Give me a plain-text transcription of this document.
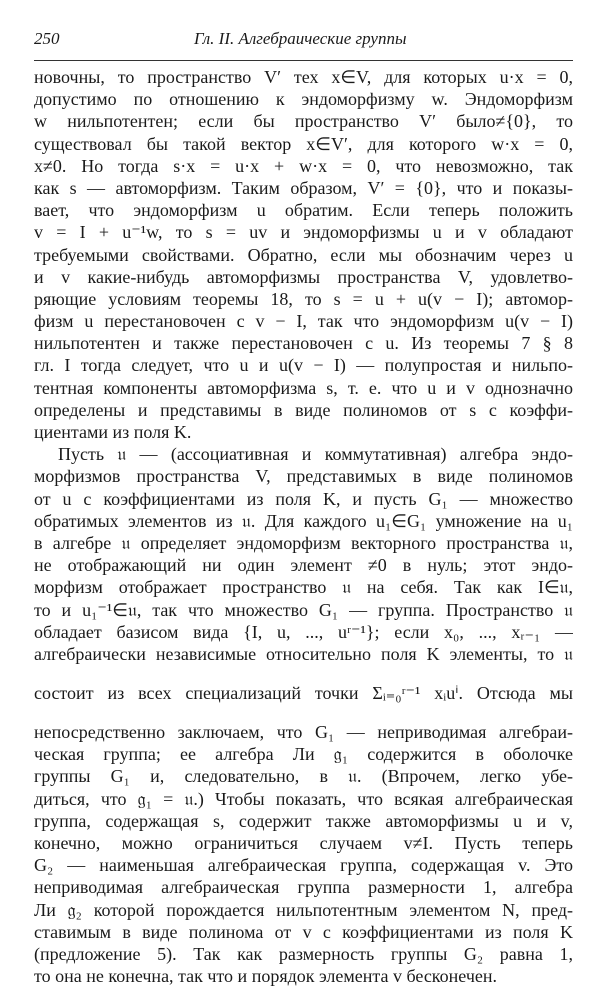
250	Гл. II. Алгебраические группы
новочны, то пространство V′ тех x∈V, для которых u·x = 0,
допустимо по отношению к эндоморфизму w. Эндоморфизм
w нильпотентен; если бы пространство V′ было≠{0}, то
существовал бы такой вектор x∈V′, для которого w·x = 0,
x≠0. Но тогда s·x = u·x + w·x = 0, что невозможно, так
как s — автоморфизм. Таким образом, V′ = {0}, что и показы-
вает, что эндоморфизм u обратим. Если теперь положить
v = I + u⁻¹w, то s = uv и эндоморфизмы u и v обладают
требуемыми свойствами. Обратно, если мы обозначим через u
и v какие-нибудь автоморфизмы пространства V, удовлетво-
ряющие условиям теоремы 18, то s = u + u(v − I); автомор-
физм u перестановочен с v − I, так что эндоморфизм u(v − I)
нильпотентен и также перестановочен с u. Из теоремы 7 § 8
гл. I тогда следует, что u и u(v − I) — полупростая и нильпо-
тентная компоненты автоморфизма s, т. е. что u и v однозначно
определены и представимы в виде полиномов от s с коэффи-
циентами из поля K.
Пусть 𝔲 — (ассоциативная и коммутативная) алгебра эндо-
морфизмов пространства V, представимых в виде полиномов
от u с коэффициентами из поля K, и пусть G₁ — множество
обратимых элементов из 𝔲. Для каждого u₁∈G₁ умножение на u₁
в алгебре 𝔲 определяет эндоморфизм векторного пространства 𝔲,
не отображающий ни один элемент ≠0 в нуль; этот эндо-
морфизм отображает пространство 𝔲 на себя. Так как I∈𝔲,
то и u₁⁻¹∈𝔲, так что множество G₁ — группа. Пространство 𝔲
обладает базисом вида {I, u, ..., uʳ⁻¹}; если x₀, ..., xᵣ₋₁ —
алгебраически независимые относительно поля K элементы, то 𝔲
состоит из всех специализаций точки Σᵢ₌₀ʳ⁻¹ xᵢuⁱ. Отсюда мы
непосредственно заключаем, что G₁ — неприводимая алгебраи-
ческая группа; ее алгебра Ли 𝔤₁ содержится в оболочке
группы G₁ и, следовательно, в 𝔲. (Впрочем, легко убе-
диться, что 𝔤₁ = 𝔲.) Чтобы показать, что всякая алгебраическая
группа, содержащая s, содержит также автоморфизмы u и v,
конечно, можно ограничиться случаем v≠I. Пусть теперь
G₂ — наименьшая алгебраическая группа, содержащая v. Это
неприводимая алгебраическая группа размерности 1, алгебра
Ли 𝔤₂ которой порождается нильпотентным элементом N, пред-
ставимым в виде полинома от v с коэффициентами из поля K
(предложение 5). Так как размерность группы G₂ равна 1,
то она не конечна, так что и порядок элемента v бесконечен.
